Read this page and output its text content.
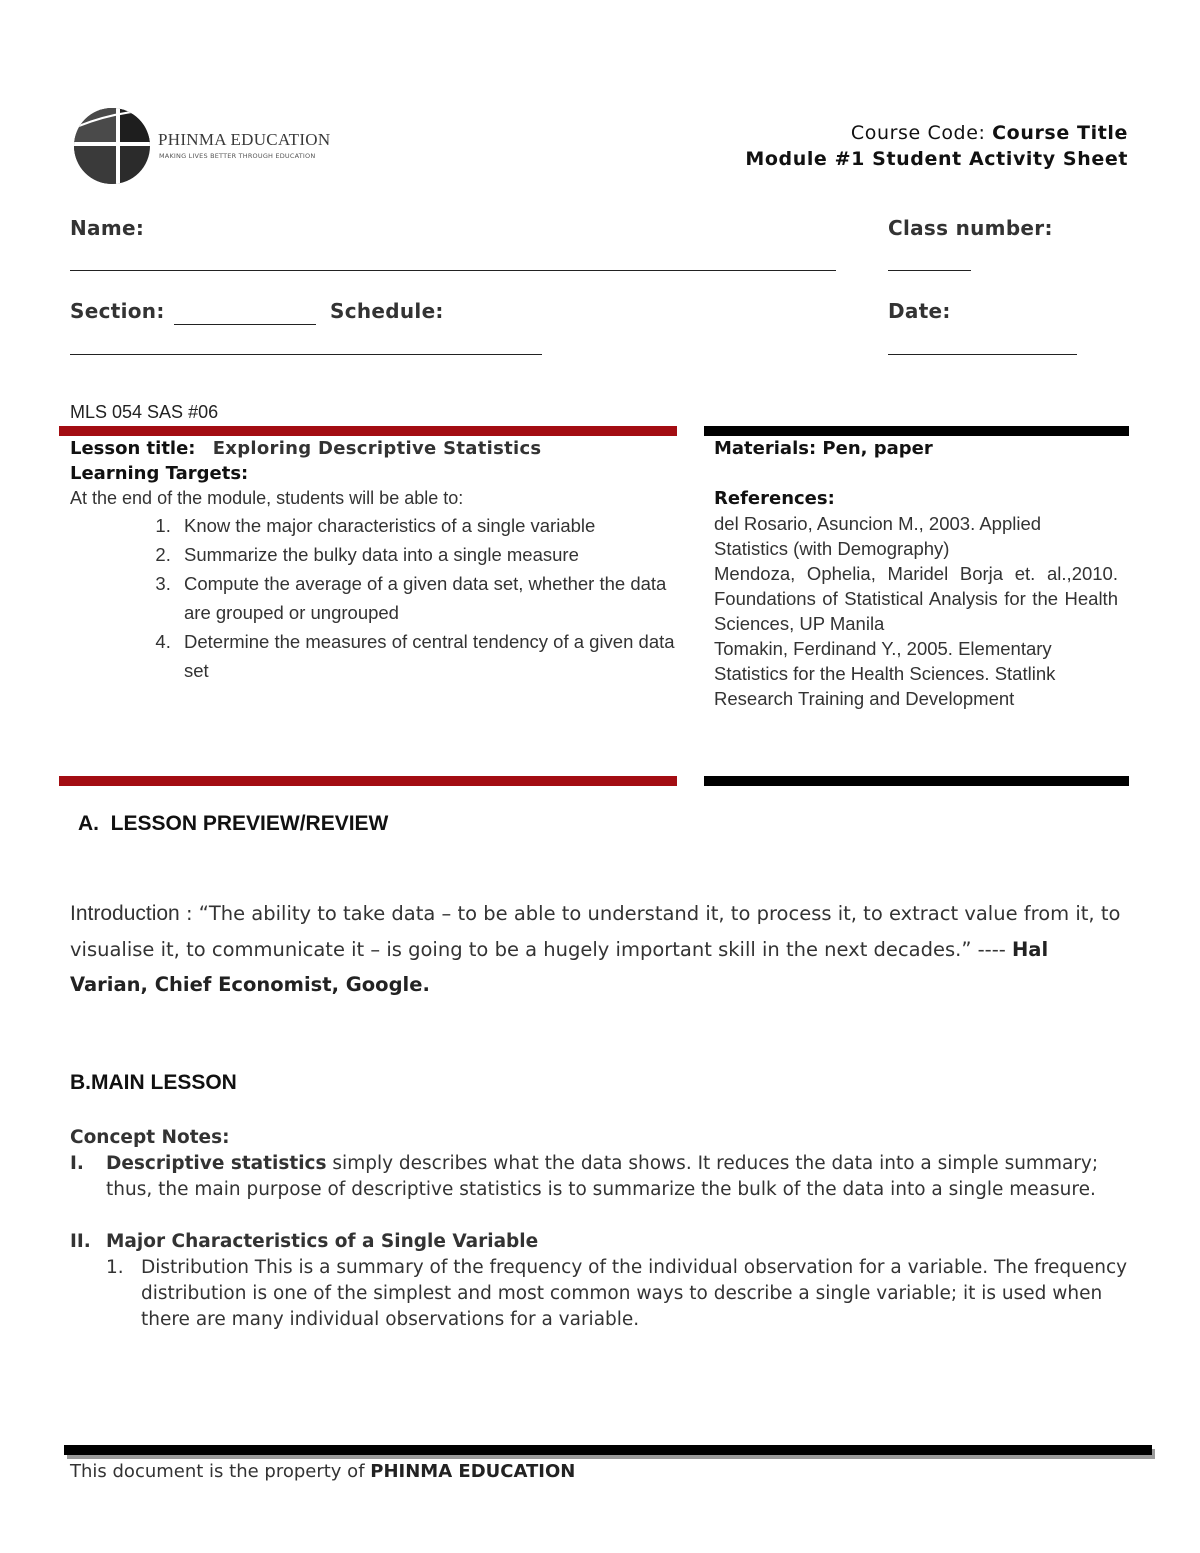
PHINMA EDUCATION
MAKING LIVES BETTER THROUGH EDUCATION
Course Code: Course Title
Module #1 Student Activity Sheet
Name:	Class number:
Section:	Schedule:	Date:
MLS 054 SAS #06
Lesson title: Exploring Descriptive Statistics
Learning Targets:
At the end of the module, students will be able to:
1. Know the major characteristics of a single variable
2. Summarize the bulky data into a single measure
3. Compute the average of a given data set, whether the data are grouped or ungrouped
4. Determine the measures of central tendency of a given data set
Materials: Pen, paper
References:
del Rosario, Asuncion M., 2003. Applied Statistics (with Demography)
Mendoza, Ophelia, Maridel Borja et. al.,2010. Foundations of Statistical Analysis for the Health Sciences, UP Manila
Tomakin, Ferdinand Y., 2005. Elementary Statistics for the Health Sciences. Statlink Research Training and Development
A. LESSON PREVIEW/REVIEW
Introduction : “The ability to take data – to be able to understand it, to process it, to extract value from it, to visualise it, to communicate it – is going to be a hugely important skill in the next decades.” ---- Hal Varian, Chief Economist, Google.
B.MAIN LESSON
Concept Notes:
I.	Descriptive statistics simply describes what the data shows. It reduces the data into a simple summary; thus, the main purpose of descriptive statistics is to summarize the bulk of the data into a single measure.
II. Major Characteristics of a Single Variable
1. Distribution This is a summary of the frequency of the individual observation for a variable. The frequency distribution is one of the simplest and most common ways to describe a single variable; it is used when there are many individual observations for a variable.
This document is the property of PHINMA EDUCATION
